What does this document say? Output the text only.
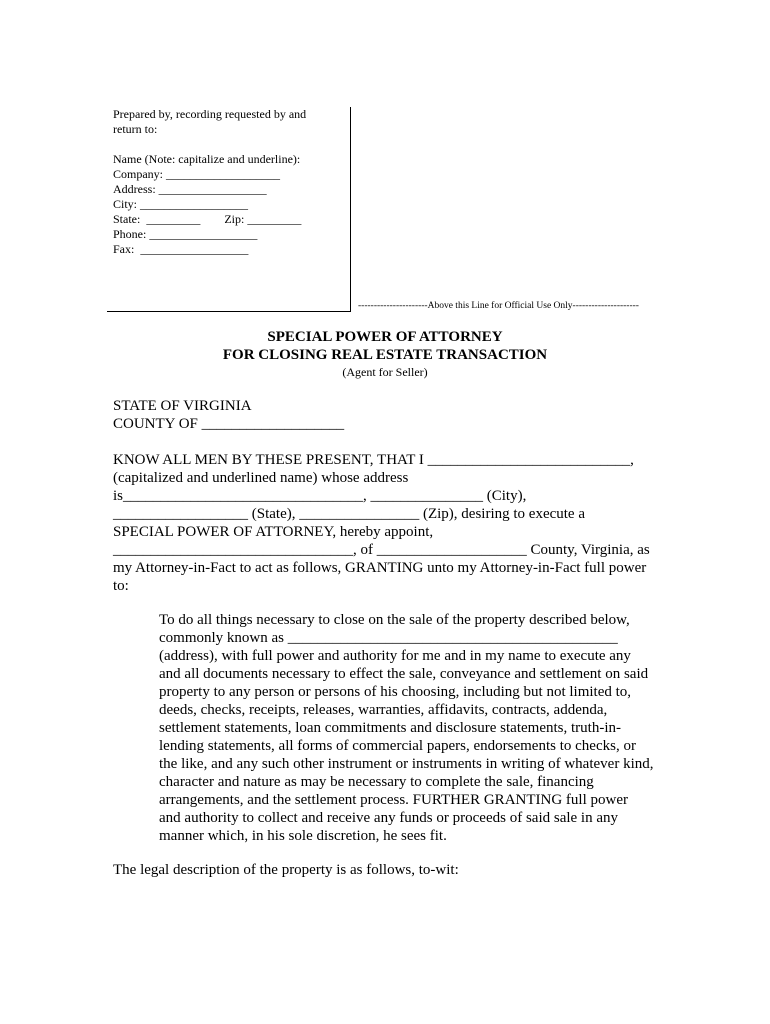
Prepared by, recording requested by and
return to:

Name (Note: capitalize and underline):
Company: ___________________
Address: __________________
City: __________________
State:  _________        Zip: _________
Phone: __________________
Fax:  __________________
----------------------Above this Line for Official Use Only---------------------
SPECIAL POWER OF ATTORNEY
FOR CLOSING REAL ESTATE TRANSACTION
(Agent for Seller)
STATE OF VIRGINIA
COUNTY OF ___________________
KNOW ALL MEN BY THESE PRESENT, THAT I ___________________________,
(capitalized and underlined name) whose address
is________________________________, _______________ (City),
__________________ (State), ________________ (Zip), desiring to execute a
SPECIAL POWER OF ATTORNEY, hereby appoint,
________________________________, of ____________________ County, Virginia, as
my Attorney-in-Fact to act as follows, GRANTING unto my Attorney-in-Fact full power
to:
To do all things necessary to close on the sale of the property described below,
commonly known as ____________________________________________
(address), with full power and authority for me and in my name to execute any
and all documents necessary to effect the sale, conveyance and settlement on said
property to any person or persons of his choosing, including but not limited to,
deeds, checks, receipts, releases, warranties, affidavits, contracts, addenda,
settlement statements, loan commitments and disclosure statements, truth-in-
lending statements, all forms of commercial papers, endorsements to checks, or
the like, and any such other instrument or instruments in writing of whatever kind,
character and nature as may be necessary to complete the sale, financing
arrangements, and the settlement process. FURTHER GRANTING full power
and authority to collect and receive any funds or proceeds of said sale in any
manner which, in his sole discretion, he sees fit.
The legal description of the property is as follows, to-wit:
